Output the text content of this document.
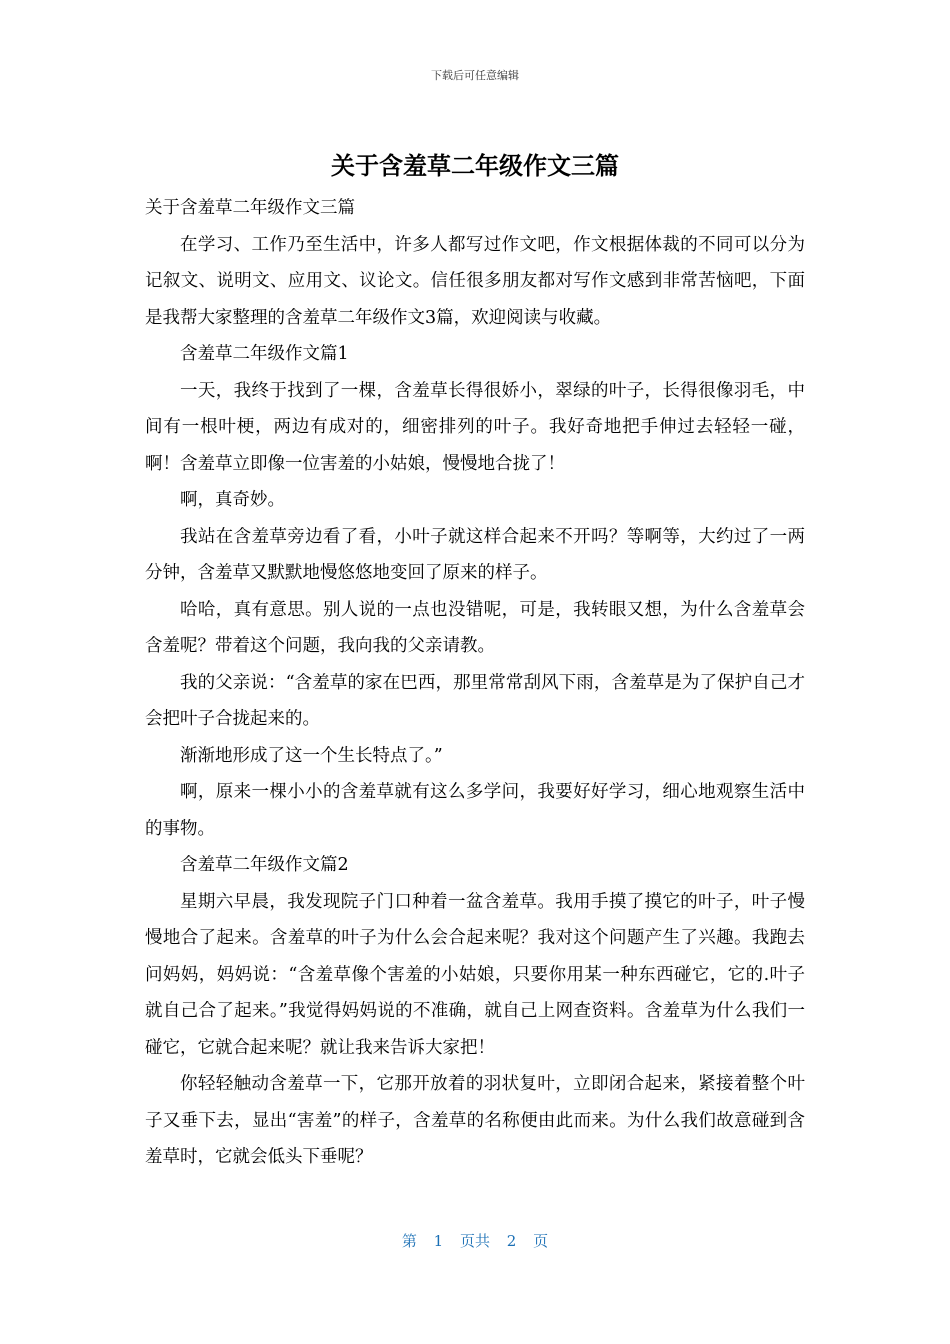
下载后可任意编辑
关于含羞草二年级作文三篇

关于含羞草二年级作文三篇

在学习、工作乃至生活中，许多人都写过作文吧，作文根据体裁的不同可以分为记叙文、说明文、应用文、议论文。信任很多朋友都对写作文感到非常苦恼吧，下面是我帮大家整理的含羞草二年级作文3篇，欢迎阅读与收藏。

含羞草二年级作文篇1

一天，我终于找到了一棵，含羞草长得很娇小，翠绿的叶子，长得很像羽毛，中间有一根叶梗，两边有成对的，细密排列的叶子。我好奇地把手伸过去轻轻一碰，啊！含羞草立即像一位害羞的小姑娘，慢慢地合拢了！

啊，真奇妙。

我站在含羞草旁边看了看，小叶子就这样合起来不开吗？等啊等，大约过了一两分钟，含羞草又默默地慢悠悠地变回了原来的样子。

哈哈，真有意思。别人说的一点也没错呢，可是，我转眼又想，为什么含羞草会含羞呢？带着这个问题，我向我的父亲请教。

我的父亲说：“含羞草的家在巴西，那里常常刮风下雨，含羞草是为了保护自己才会把叶子合拢起来的。

渐渐地形成了这一个生长特点了。”

啊，原来一棵小小的含羞草就有这么多学问，我要好好学习，细心地观察生活中的事物。

含羞草二年级作文篇2

星期六早晨，我发现院子门口种着一盆含羞草。我用手摸了摸它的叶子，叶子慢慢地合了起来。含羞草的叶子为什么会合起来呢？我对这个问题产生了兴趣。我跑去问妈妈，妈妈说：“含羞草像个害羞的小姑娘，只要你用某一种东西碰它，它的.叶子就自己合了起来。”我觉得妈妈说的不准确，就自己上网查资料。含羞草为什么我们一碰它，它就合起来呢？就让我来告诉大家把！

你轻轻触动含羞草一下，它那开放着的羽状复叶，立即闭合起来，紧接着整个叶子又垂下去，显出“害羞”的样子，含羞草的名称便由此而来。为什么我们故意碰到含羞草时，它就会低头下垂呢？

第 1 页共 2 页
